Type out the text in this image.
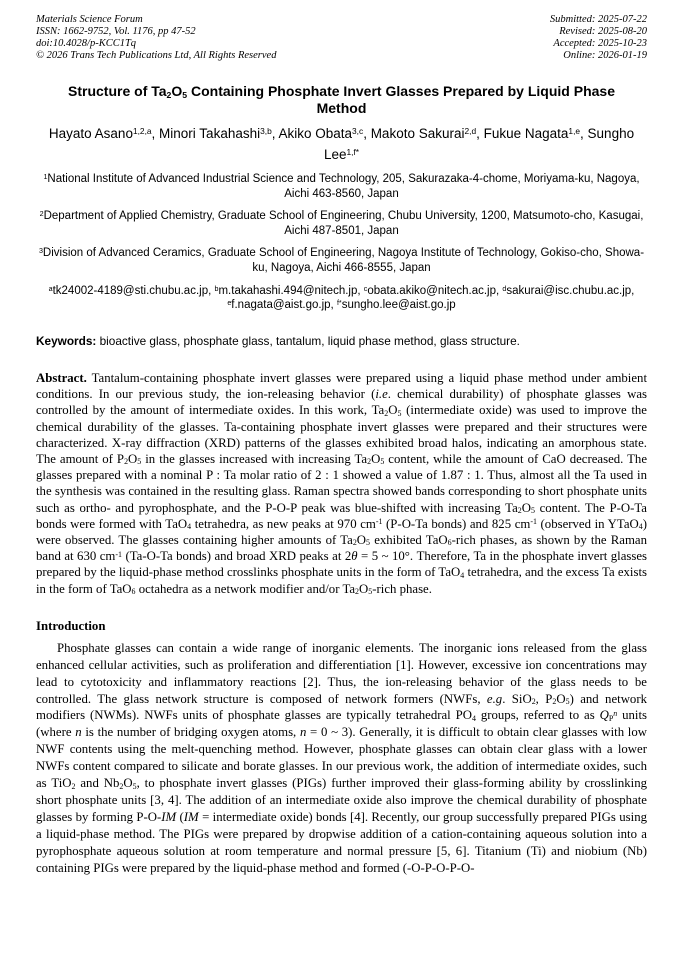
Materials Science Forum
ISSN: 1662-9752, Vol. 1176, pp 47-52
doi:10.4028/p-KCC1Tq
© 2026 Trans Tech Publications Ltd, All Rights Reserved
Submitted: 2025-07-22
Revised: 2025-08-20
Accepted: 2025-10-23
Online: 2026-01-19
Structure of Ta2O5 Containing Phosphate Invert Glasses Prepared by Liquid Phase Method
Hayato Asano$^{1,2,a}$, Minori Takahashi$^{3,b}$, Akiko Obata$^{3,c}$, Makoto Sakurai$^{2,d}$, Fukue Nagata$^{1,e}$, Sungho Lee$^{1,f*}$
$^1$National Institute of Advanced Industrial Science and Technology, 205, Sakurazaka-4-chome, Moriyama-ku, Nagoya, Aichi 463-8560, Japan
$^2$Department of Applied Chemistry, Graduate School of Engineering, Chubu University, 1200, Matsumoto-cho, Kasugai, Aichi 487-8501, Japan
$^3$Division of Advanced Ceramics, Graduate School of Engineering, Nagoya Institute of Technology, Gokiso-cho, Showa-ku, Nagoya, Aichi 466-8555, Japan
$^a$tk24002-4189@sti.chubu.ac.jp, $^b$m.takahashi.494@nitech.jp, $^c$obata.akiko@nitech.ac.jp, $^d$sakurai@isc.chubu.ac.jp, $^e$f.nagata@aist.go.jp, $^{f*}$sungho.lee@aist.go.jp
Keywords: bioactive glass, phosphate glass, tantalum, liquid phase method, glass structure.

Abstract. Tantalum-containing phosphate invert glasses were prepared using a liquid phase method under ambient conditions. In our previous study, the ion-releasing behavior (i.e. chemical durability) of phosphate glasses was controlled by the amount of intermediate oxides. In this work, Ta2O5 (intermediate oxide) was used to improve the chemical durability of the glasses. Ta-containing phosphate invert glasses were prepared and their structures were characterized. X-ray diffraction (XRD) patterns of the glasses exhibited broad halos, indicating an amorphous state. The amount of P2O5 in the glasses increased with increasing Ta2O5 content, while the amount of CaO decreased. The glasses prepared with a nominal P : Ta molar ratio of 2 : 1 showed a value of 1.87 : 1. Thus, almost all the Ta used in the synthesis was contained in the resulting glass. Raman spectra showed bands corresponding to short phosphate units such as ortho- and pyrophosphate, and the P-O-P peak was blue-shifted with increasing Ta2O5 content. The P-O-Ta bonds were formed with TaO4 tetrahedra, as new peaks at 970 $cm^{-1}$ (P-O-Ta bonds) and 825 $cm^{-1}$ (observed in YTaO4) were observed. The glasses containing higher amounts of Ta2O5 exhibited TaO6-rich phases, as shown by the Raman band at 630 $cm^{-1}$ (Ta-O-Ta bonds) and broad XRD peaks at 2θ = 5 ~ 10°. Therefore, Ta in the phosphate invert glasses prepared by the liquid-phase method crosslinks phosphate units in the form of TaO4 tetrahedra, and the excess Ta exists in the form of TaO6 octahedra as a network modifier and/or Ta2O5-rich phase.

Introduction

Phosphate glasses can contain a wide range of inorganic elements. The inorganic ions released from the glass enhanced cellular activities, such as proliferation and differentiation [1]. However, excessive ion concentrations may lead to cytotoxicity and inflammatory reactions [2]. Thus, the ion-releasing behavior of the glass needs to be controlled. The glass network structure is composed of network formers (NWFs, e.g. SiO2, P2O5) and network modifiers (NWMs). NWFs units of phosphate glasses are typically tetrahedral PO4 groups, referred to as $QP^n$ units (where n is the number of bridging oxygen atoms, n = 0 ~ 3). Generally, it is difficult to obtain clear glasses with low NWF contents using the melt-quenching method. However, phosphate glasses can obtain clear glass with a lower NWFs content compared to silicate and borate glasses. In our previous work, the addition of intermediate oxides, such as TiO2 and Nb2O5, to phosphate invert glasses (PIGs) further improved their glass-forming ability by crosslinking short phosphate units [3, 4]. The addition of an intermediate oxide also improve the chemical durability of phosphate glasses by forming P-O-IM (IM = intermediate oxide) bonds [4]. Recently, our group successfully prepared PIGs using a liquid-phase method. The PIGs were prepared by dropwise addition of a cation-containing aqueous solution into a pyrophosphate aqueous solution at room temperature and normal pressure [5, 6]. Titanium (Ti) and niobium (Nb) containing PIGs were prepared by the liquid-phase method and formed (-O-P-O-P-O-
